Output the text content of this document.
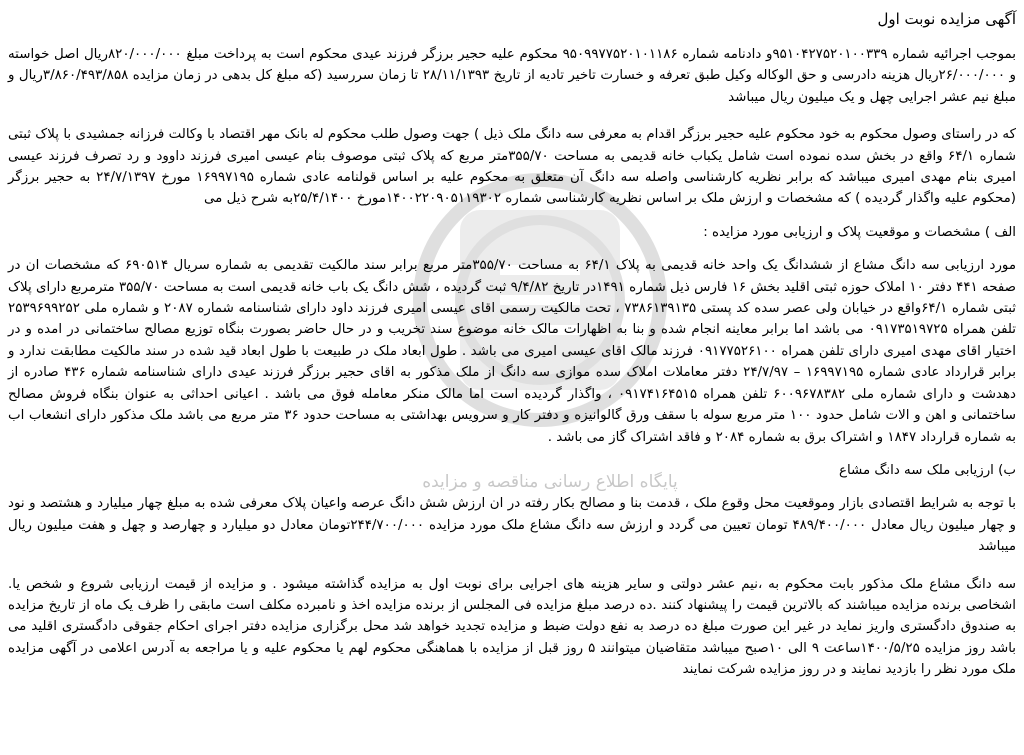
پایگاه اطلاع رسانی مناقصه و مزایده
آگهی مزایده نوبت اول

بموجب اجرائیه شماره ۹۵۱۰۴۲۷۵۲۰۱۰۰۳۳۹و دادنامه شماره ۹۵۰۹۹۷۷۵۲۰۱۰۱۱۸۶ محکوم علیه حجیر برزگر فرزند عیدی محکوم است به پرداخت مبلغ ۸۲۰/۰۰۰/۰۰۰ریال اصل خواسته و ۲۶/۰۰۰/۰۰۰ریال هزینه دادرسی و حق الوکاله وکیل طبق تعرفه و خسارت تاخیر تادیه از تاریخ ۲۸/۱۱/۱۳۹۳ تا زمان سررسید (که مبلغ کل بدهی در زمان مزایده ۳/۸۶۰/۴۹۳/۸۵۸ریال و مبلغ نیم عشر اجرایی چهل و یک میلیون ریال میباشد

که در راستای وصول محکوم به خود محکوم علیه حجیر برزگر اقدام به معرفی سه دانگ ملک ذیل ) جهت وصول طلب محکوم له بانک مهر اقتصاد با وکالت فرزانه جمشیدی با پلاک ثبتی شماره ۶۴/۱ واقع در بخش سده نموده است شامل یکباب خانه قدیمی به مساحت ۳۵۵/۷۰متر مربع که پلاک ثبتی موصوف بنام عیسی امیری فرزند داوود و رد تصرف فرزند عیسی امیری بنام مهدی امیری میباشد که برابر نظریه کارشناسی واصله سه دانگ آن متعلق به محکوم علیه بر اساس قولنامه عادی شماره ۱۶۹۹۷۱۹۵ مورخ ۲۴/۷/۱۳۹۷ به حجیر برزگر (محکوم علیه واگذار گردیده ) که مشخصات و ارزش ملک بر اساس نظریه کارشناسی شماره ۱۴۰۰۲۲۰۹۰۵۱۱۹۳۰۲مورخ ۲۵/۴/۱۴۰۰به شرح ذیل می

الف ) مشخصات و موقعیت پلاک و ارزیابی مورد مزایده :

مورد ارزیابی سه دانگ مشاع از ششدانگ یک واحد خانه قدیمی به پلاک ۶۴/۱ به مساحت ۳۵۵/۷۰متر مربع برابر سند مالکیت تقدیمی به شماره سریال ۶۹۰۵۱۴ که مشخصات ان در صفحه ۴۴۱ دفتر ۱۰ املاک حوزه ثبتی اقلید بخش ۱۶ فارس ذیل شماره ۱۴۹۱در تاریخ ۹/۴/۸۲ ثبت گردیده ، شش دانگ یک باب خانه قدیمی است به مساحت ۳۵۵/۷۰ مترمربع دارای پلاک ثبتی شماره ۶۴/۱واقع در خیابان ولی عصر سده کد پستی ۷۳۸۶۱۳۹۱۳۵ ، تحت مالکیت رسمی اقای عیسی امیری فرزند داود دارای شناسنامه شماره ۲۰۸۷ و شماره ملی ۲۵۳۹۶۹۹۲۵۲ تلفن همراه ۰۹۱۷۳۵۱۹۷۲۵ می باشد اما برابر معاینه انجام شده و بنا به اظهارات مالک خانه موضوع سند تخریب و در حال حاضر بصورت بنگاه توزیع مصالح ساختمانی در امده و در اختیار اقای مهدی امیری دارای تلفن همراه ۰۹۱۷۷۵۲۶۱۰۰ فرزند مالک اقای عیسی امیری می باشد . طول ابعاد ملک در طبیعت با طول ابعاد قید شده در سند مالکیت مطابقت ندارد و برابر قرارداد عادی شماره ۱۶۹۹۷۱۹۵ – ۲۴/۷/۹۷ دفتر معاملات املاک سده موازی سه دانگ از ملک مذکور به اقای حجیر برزگر فرزند عیدی دارای شناسنامه شماره ۴۳۶ صادره از دهدشت و دارای شماره ملی ۶۰۰۹۶۷۸۳۸۲ تلفن همراه ۰۹۱۷۴۱۶۴۵۱۵ ، واگذار گردیده است اما مالک منکر معامله فوق می باشد . اعیانی احداثی به عنوان بنگاه فروش مصالح ساختمانی و اهن و الات شامل حدود ۱۰۰ متر مربع سوله با سقف ورق گالوانیزه و دفتر کار و سرویس بهداشتی به مساحت حدود ۳۶ متر مربع می باشد ملک مذکور دارای انشعاب اب به شماره قرارداد ۱۸۴۷ و اشتراک برق به شماره ۲۰۸۴ و فاقد اشتراک گاز می باشد .

ب) ارزیابی ملک سه دانگ مشاع

با توجه به شرایط اقتصادی بازار وموقعیت محل وقوع ملک ، قدمت بنا و مصالح بکار رفته در ان ارزش شش دانگ عرصه واعیان پلاک معرفی شده به مبلغ چهار میلیارد و هشتصد و نود و چهار میلیون ریال معادل ۴۸۹/۴۰۰/۰۰۰ تومان تعیین می گردد و ارزش سه دانگ مشاع ملک مورد مزایده ۲۴۴/۷۰۰/۰۰۰تومان معادل دو میلیارد و چهارصد و چهل و هفت میلیون ریال میباشد

سه دانگ مشاع ملک مذکور بابت محکوم به ،نیم عشر دولتی و سایر هزینه های اجرایی برای نوبت اول به مزایده گذاشته میشود . و مزایده از قیمت ارزیابی شروع و شخص یا. اشخاصی برنده مزایده میباشند که بالاترین قیمت را پیشنهاد کنند .ده درصد مبلغ مزایده فی المجلس از برنده مزایده اخذ و نامبرده مکلف است مابقی را ظرف یک ماه از تاریخ مزایده به صندوق دادگستری واریز نماید در غیر این صورت مبلغ ده درصد به نفع دولت ضبط و مزایده تجدید خواهد شد محل برگزاری مزایده دفتر اجرای احکام جقوقی دادگستری اقلید می باشد روز مزایده ۱۴۰۰/۵/۲۵ساعت ۹ الی ۱۰صبح میباشد متقاضیان میتوانند ۵ روز قبل از مزایده با هماهنگی محکوم لهم یا محکوم علیه و یا مراجعه به آدرس اعلامی در آگهی مزایده ملک مورد نظر را بازدید نمایند و در روز مزایده شرکت نمایند
